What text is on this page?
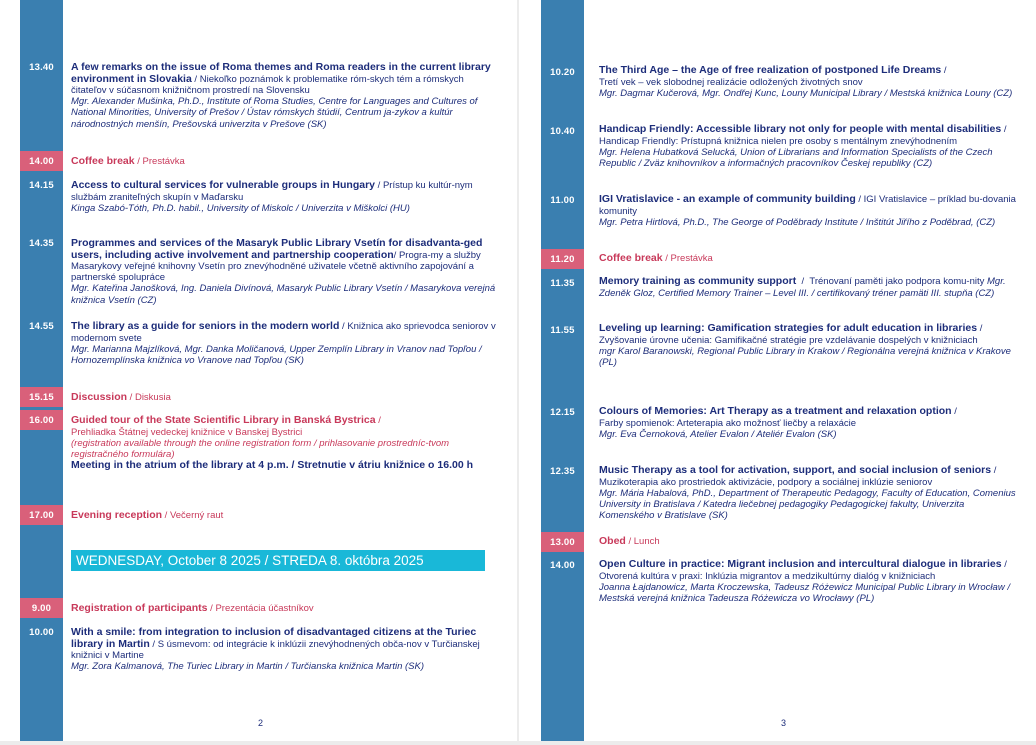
13.40
14.00
14.15
14.35
14.55
15.15
16.00
17.00
9.00
10.00
A few remarks on the issue of Roma themes and Roma readers in the current library environment in Slovakia / Niekoľko poznámok k problematike róm-skych tém a rómskych čitateľov v súčasnom knižničnom prostredí na Slovensku
Mgr. Alexander Mušinka, Ph.D., Institute of Roma Studies, Centre for Languages and Cultures of National Minorities, University of Prešov / Ústav rómskych štúdií, Centrum ja-zykov a kultúr národnostných menšín, Prešovská univerzita v Prešove (SK)
Coffee break / Prestávka
Access to cultural services for vulnerable groups in Hungary / Prístup ku kultúr-nym službám zraniteľných skupín v Maďarsku
Kinga Szabó-Tóth, Ph.D. habil., University of Miskolc / Univerzita v Miškolci (HU)
Programmes and services of the Masaryk Public Library Vsetín for disadvanta-ged users, including active involvement and partnership cooperation/ Progra-my a služby Masarykovy veřejné knihovny Vsetín pro znevýhodněné uživatele včetně aktivního zapojování a partnerské spolupráce
Mgr. Kateřina Janošková, Ing. Daniela Divínová, Masaryk Public Library Vsetín / Masarykova verejná knižnica Vsetín (CZ)
The library as a guide for seniors in the modern world / Knižnica ako sprievodca seniorov v modernom svete
Mgr. Marianna Majzlíková, Mgr. Danka Moličanová, Upper Zemplín Library in Vranov nad Topľou / Hornozemplínska knižnica vo Vranove nad Topľou (SK)
Discussion / Diskusia
Guided tour of the State Scientific Library in Banská Bystrica /
Prehliadka Štátnej vedeckej knižnice v Banskej Bystrici
(registration available through the online registration form / prihlasovanie prostredníc-tvom registračného formulára)
Meeting in the atrium of the library at 4 p.m. / Stretnutie v átriu knižnice o 16.00 h
Evening reception / Večerný raut
WEDNESDAY, October 8 2025 / STREDA 8. októbra 2025
Registration of participants / Prezentácia účastníkov
With a smile: from integration to inclusion of disadvantaged citizens at the Turiec library in Martin / S úsmevom: od integrácie k inklúzii znevýhodnených obča-nov v Turčianskej knižnici v Martine
Mgr. Zora Kalmanová, The Turiec Library in Martin / Turčianska knižnica Martin (SK)
2
10.20
10.40
11.00
11.20
11.35
11.55
12.15
12.35
13.00
14.00
The Third Age – the Age of free realization of postponed Life Dreams /
Tretí vek – vek slobodnej realizácie odložených životných snov
Mgr. Dagmar Kučerová, Mgr. Ondřej Kunc, Louny Municipal Library / Mestská knižnica Louny (CZ)
Handicap Friendly: Accessible library not only for people with mental disabilities / Handicap Friendly: Prístupná knižnica nielen pre osoby s mentálnym znevýhodnením
Mgr. Helena Hubatková Selucká, Union of Librarians and Information Specialists of the Czech Republic / Zväz knihovníkov a informačných pracovníkov Českej republiky (CZ)
IGI Vratislavice - an example of community building / IGI Vratislavice – príklad bu-dovania komunity
Mgr. Petra Hirtlová, Ph.D., The George of Poděbrady Institute / Inštitút Jiřího z Poděbrad, (CZ)
Coffee break / Prestávka
Memory training as community support  /  Trénovaní paměti jako podpora komu-nity Mgr. Zdeněk Gloz, Certified Memory Trainer – Level III. / certifikovaný tréner pamäti III. stupňa (CZ)
Leveling up learning: Gamification strategies for adult education in libraries /
Zvyšovanie úrovne učenia: Gamifikačné stratégie pre vzdelávanie dospelých v knižniciach
mgr Karol Baranowski, Regional Public Library in Krakow / Regionálna verejná knižnica v Krakove (PL)
Colours of Memories: Art Therapy as a treatment and relaxation option /
Farby spomienok: Arteterapia ako možnosť liečby a relaxácie
Mgr. Eva Černoková, Atelier Evalon / Ateliér Evalon (SK)
Music Therapy as a tool for activation, support, and social inclusion of seniors /
Muzikoterapia ako prostriedok aktivizácie, podpory a sociálnej inklúzie seniorov
Mgr. Mária Habalová, PhD., Department of Therapeutic Pedagogy, Faculty of Education, Comenius University in Bratislava / Katedra liečebnej pedagogiky Pedagogickej fakulty, Univerzita Komenského v Bratislave (SK)
Obed / Lunch
Open Culture in practice: Migrant inclusion and intercultural dialogue in libraries / Otvorená kultúra v praxi: Inklúzia migrantov a medzikultúrny dialóg v knižniciach
Joanna Łajdanowicz, Marta Kroczewska, Tadeusz Różewicz Municipal Public Library in Wrocław / Mestská verejná knižnica Tadeusza Różewicza vo Wrocławy (PL)
3
